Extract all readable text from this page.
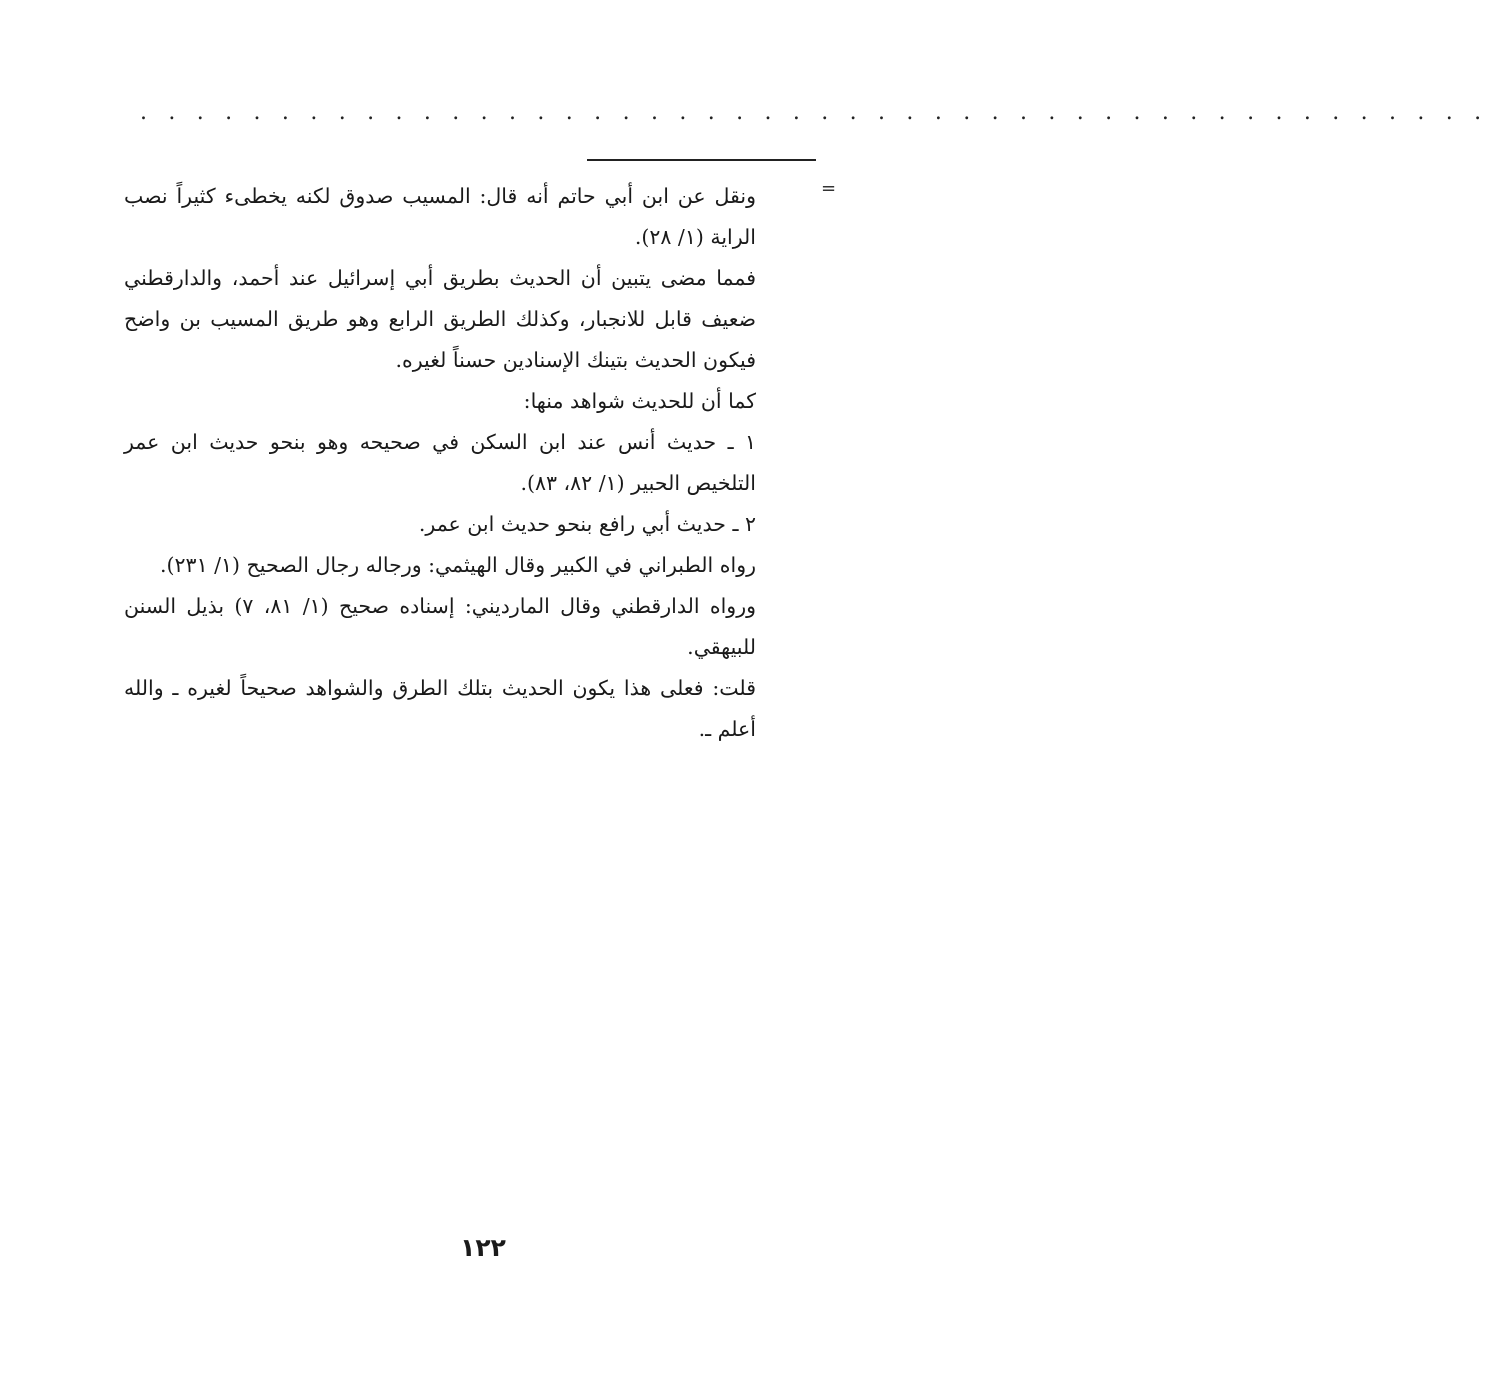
. . . . . . . . . . . . . . . . . . . . . . . . . . . . . . . . . . . . . . . . . . . . . . . .
=

ونقل عن ابن أبي حاتم أنه قال: المسيب صدوق لكنه يخطىء كثيراً نصب الراية (١/ ٢٨).

فمما مضى يتبين أن الحديث بطريق أبي إسرائيل عند أحمد، والدارقطني ضعيف قابل للانجبار، وكذلك الطريق الرابع وهو طريق المسيب بن واضح فيكون الحديث بتينك الإسنادين حسناً لغيره.

كما أن للحديث شواهد منها:

١ ـ حديث أنس عند ابن السكن في صحيحه وهو بنحو حديث ابن عمر التلخيص الحبير (١/ ٨٢، ٨٣).

٢ ـ حديث أبي رافع بنحو حديث ابن عمر.

رواه الطبراني في الكبير وقال الهيثمي: ورجاله رجال الصحيح (١/ ٢٣١).

ورواه الدارقطني وقال المارديني: إسناده صحيح (١/ ٨١، ٧) بذيل السنن للبيهقي.

قلت: فعلى هذا يكون الحديث بتلك الطرق والشواهد صحيحاً لغيره ـ والله أعلم ـ.

١٢٢
